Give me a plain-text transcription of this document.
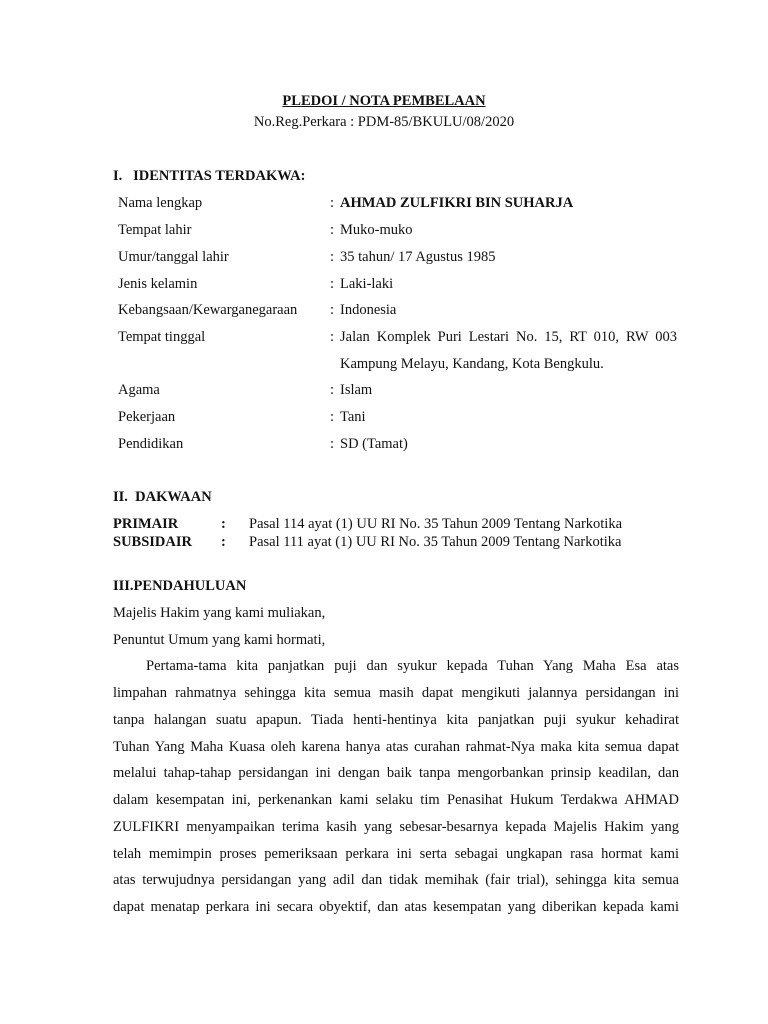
PLEDOI / NOTA PEMBELAAN
No.Reg.Perkara : PDM-85/BKULU/08/2020
I.   IDENTITAS TERDAKWA:
Nama lengkap	: AHMAD ZULFIKRI BIN SUHARJA
Tempat lahir	: Muko-muko
Umur/tanggal lahir	: 35 tahun/ 17 Agustus 1985
Jenis kelamin	: Laki-laki
Kebangsaan/Kewarganegaraan : Indonesia
Tempat tinggal	: Jalan Komplek Puri Lestari No. 15, RT 010, RW 003
Kampung Melayu, Kandang, Kota Bengkulu.
Agama	: Islam
Pekerjaan	: Tani
Pendidikan	: SD (Tamat)
II.  DAKWAAN
PRIMAIR	: Pasal 114 ayat (1) UU RI No. 35 Tahun 2009 Tentang Narkotika
SUBSIDAIR : Pasal 111 ayat (1) UU RI No. 35 Tahun 2009 Tentang Narkotika
III.PENDAHULUAN
Majelis Hakim yang kami muliakan,
Penuntut Umum yang kami hormati,
Pertama-tama kita panjatkan puji dan syukur kepada Tuhan Yang Maha Esa atas
limpahan rahmatnya sehingga kita semua masih dapat mengikuti jalannya persidangan ini
tanpa halangan suatu apapun. Tiada henti-hentinya kita panjatkan puji syukur kehadirat
Tuhan Yang Maha Kuasa oleh karena hanya atas curahan rahmat-Nya maka kita semua dapat
melalui tahap-tahap persidangan ini dengan baik tanpa mengorbankan prinsip keadilan, dan
dalam kesempatan ini, perkenankan kami selaku tim Penasihat Hukum Terdakwa AHMAD
ZULFIKRI menyampaikan terima kasih yang sebesar-besarnya kepada Majelis Hakim yang
telah memimpin proses pemeriksaan perkara ini serta sebagai ungkapan rasa hormat kami
atas terwujudnya persidangan yang adil dan tidak memihak (fair trial), sehingga kita semua
dapat menatap perkara ini secara obyektif, dan atas kesempatan yang diberikan kepada kami
